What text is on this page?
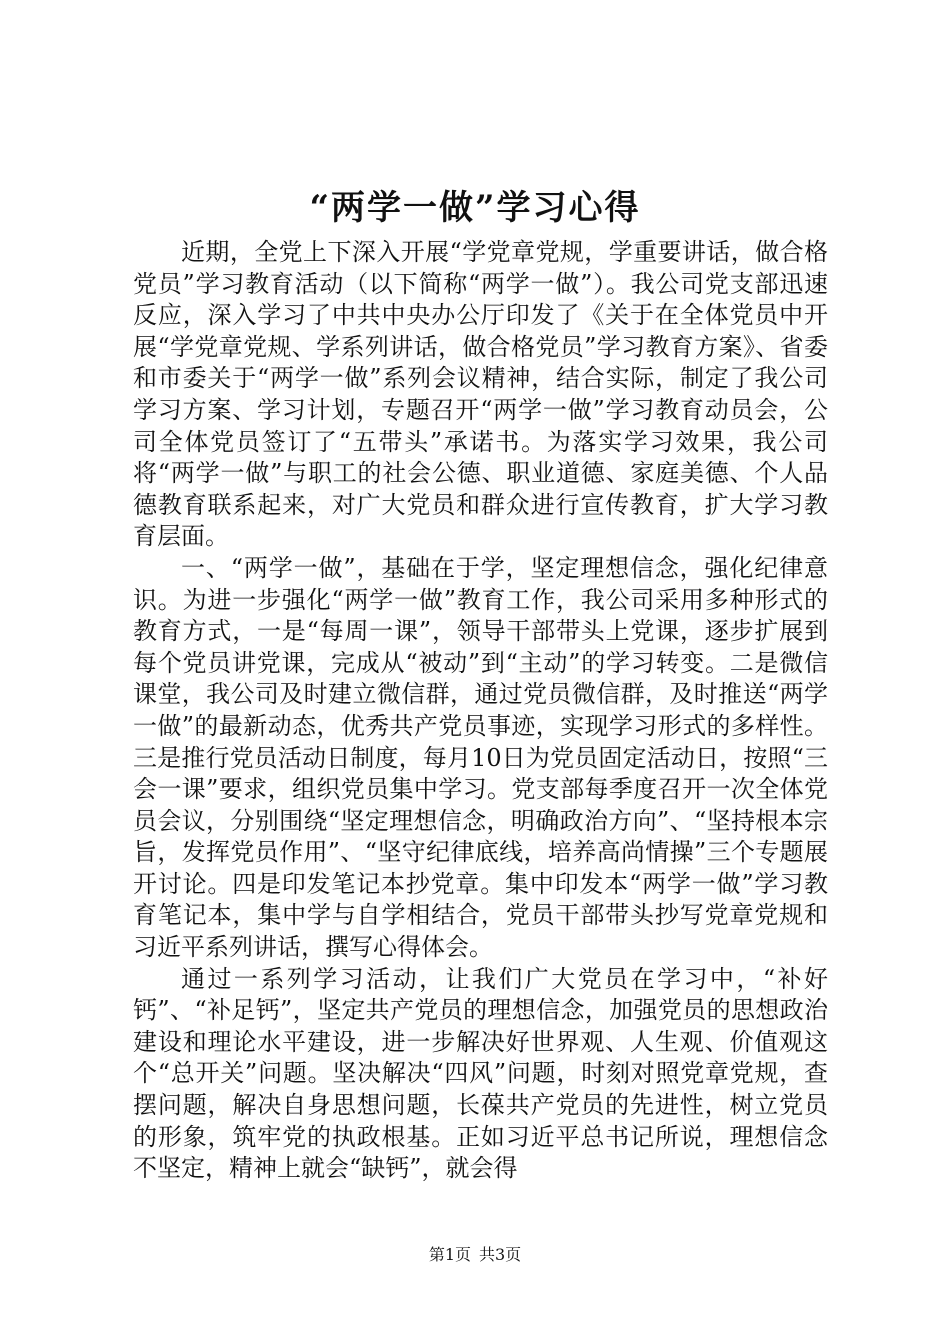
“两学一做”学习心得

近期，全党上下深入开展“学党章党规，学重要讲话，做合格党员”学习教育活动（以下简称“两学一做”）。我公司党支部迅速反应，深入学习了中共中央办公厅印发了《关于在全体党员中开展“学党章党规、学系列讲话，做合格党员”学习教育方案》、省委和市委关于“两学一做”系列会议精神，结合实际，制定了我公司学习方案、学习计划，专题召开“两学一做”学习教育动员会，公司全体党员签订了“五带头”承诺书。为落实学习效果，我公司将“两学一做”与职工的社会公德、职业道德、家庭美德、个人品德教育联系起来，对广大党员和群众进行宣传教育，扩大学习教育层面。

一、“两学一做”，基础在于学，坚定理想信念，强化纪律意识。为进一步强化“两学一做”教育工作，我公司采用多种形式的教育方式，一是“每周一课”，领导干部带头上党课，逐步扩展到每个党员讲党课，完成从“被动”到“主动”的学习转变。二是微信课堂，我公司及时建立微信群，通过党员微信群，及时推送“两学一做”的最新动态，优秀共产党员事迹，实现学习形式的多样性。三是推行党员活动日制度，每月10日为党员固定活动日，按照“三会一课”要求，组织党员集中学习。党支部每季度召开一次全体党员会议，分别围绕“坚定理想信念，明确政治方向”、“坚持根本宗旨，发挥党员作用”、“坚守纪律底线，培养高尚情操”三个专题展开讨论。四是印发笔记本抄党章。集中印发本“两学一做”学习教育笔记本，集中学与自学相结合，党员干部带头抄写党章党规和习近平系列讲话，撰写心得体会。

通过一系列学习活动，让我们广大党员在学习中，“补好钙”、“补足钙”，坚定共产党员的理想信念，加强党员的思想政治建设和理论水平建设，进一步解决好世界观、人生观、价值观这个“总开关”问题。坚决解决“四风”问题，时刻对照党章党规，查摆问题，解决自身思想问题，长葆共产党员的先进性，树立党员的形象，筑牢党的执政根基。正如习近平总书记所说，理想信念不坚定，精神上就会“缺钙”，就会得

第1页 共3页
